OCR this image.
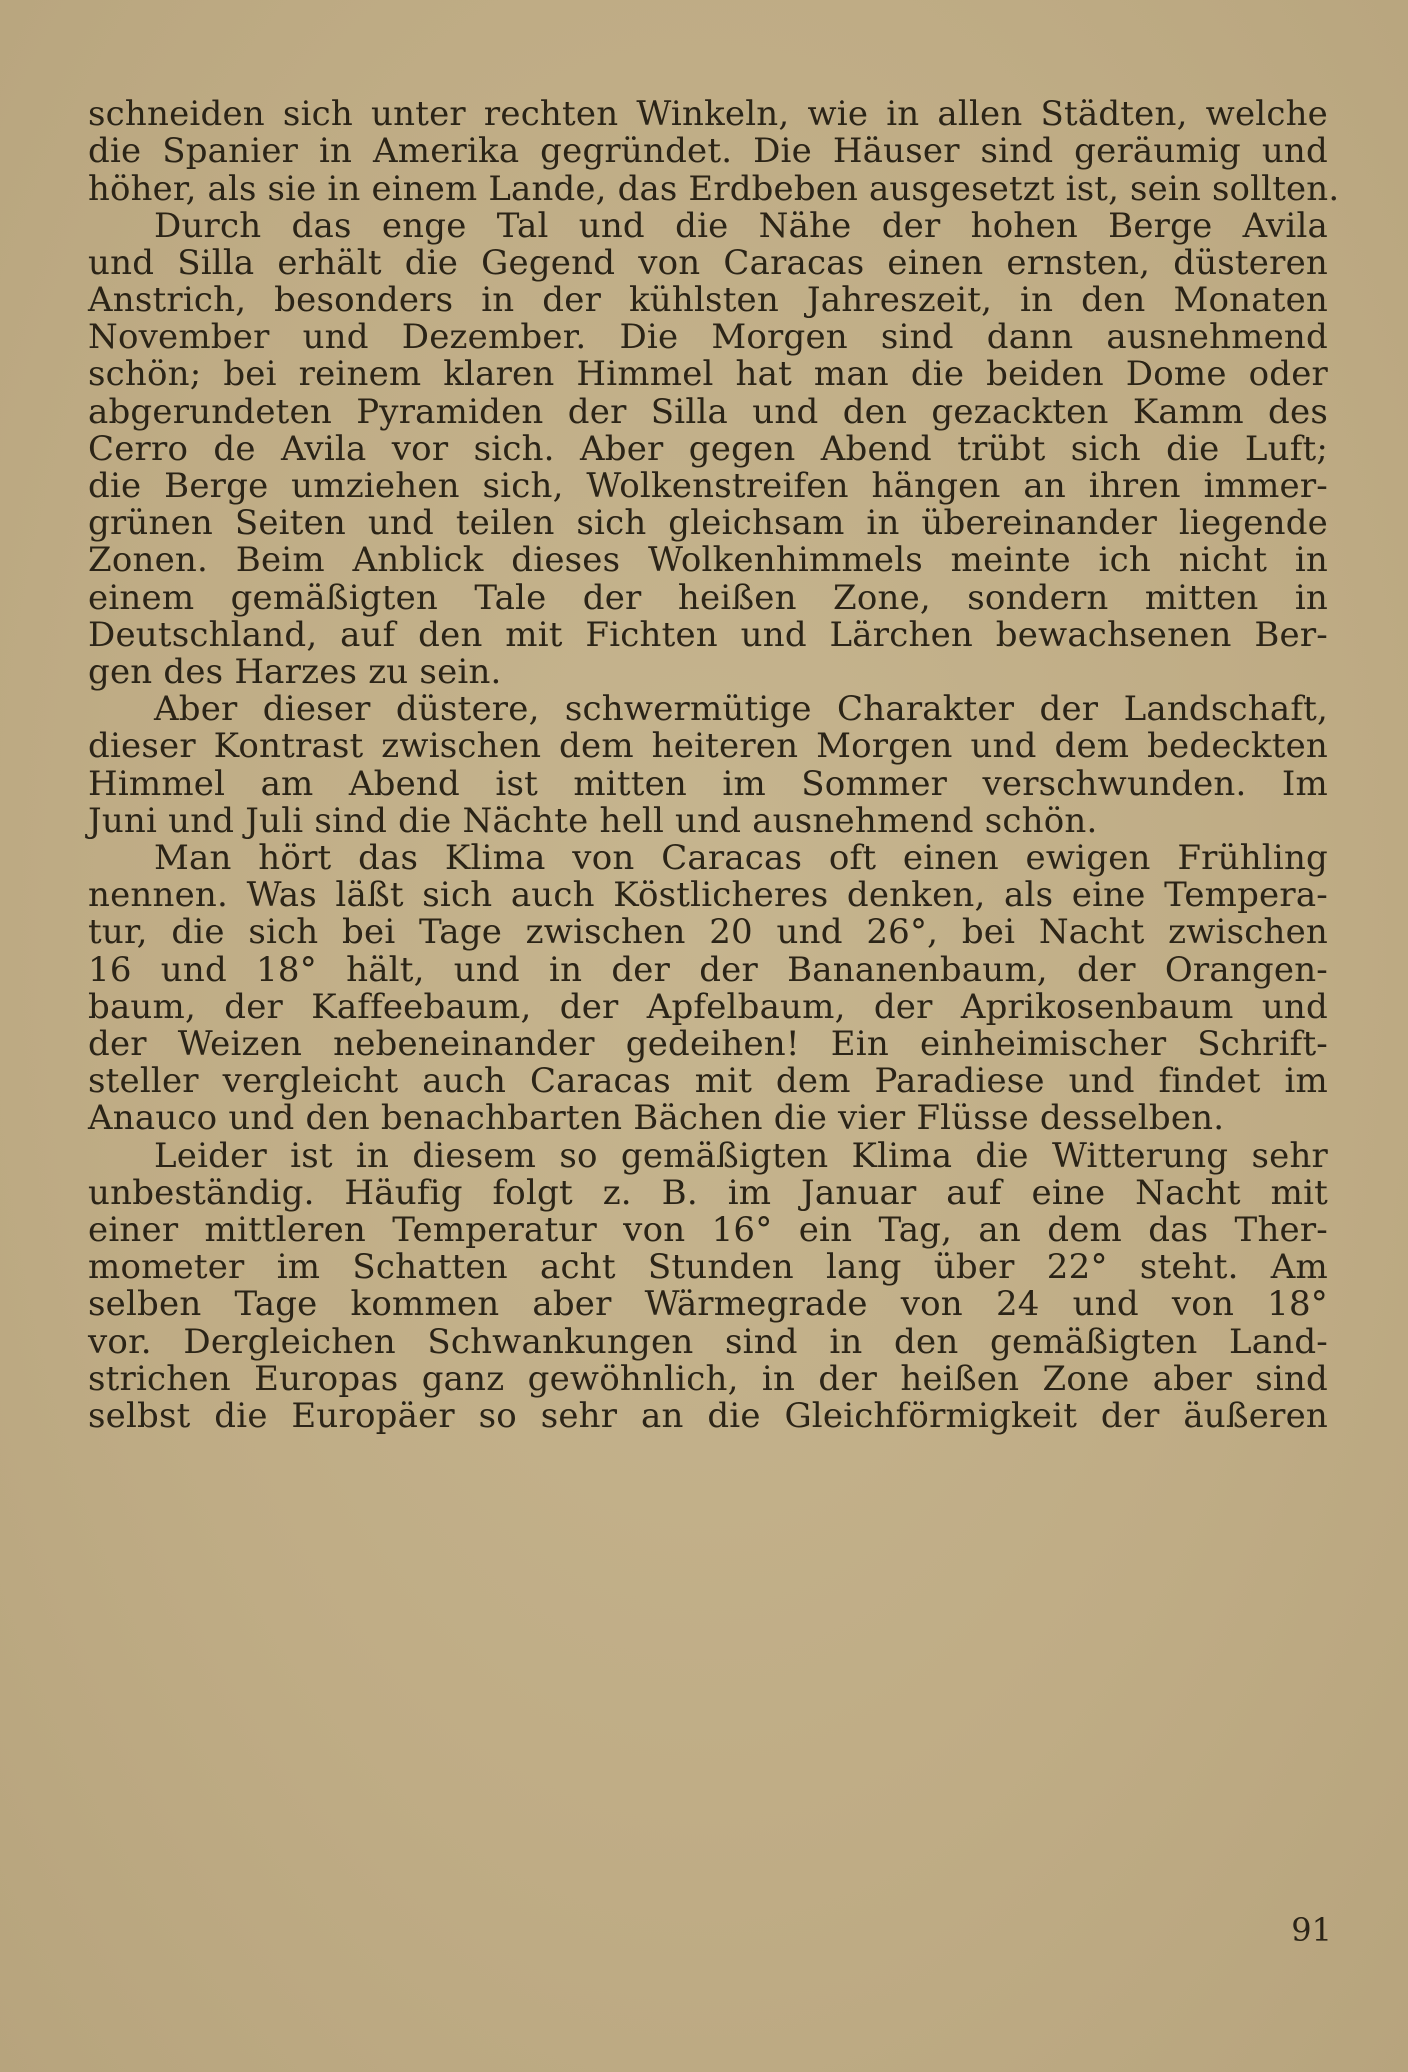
schneiden sich unter rechten Winkeln, wie in allen Städten, welche
die Spanier in Amerika gegründet. Die Häuser sind geräumig und
höher, als sie in einem Lande, das Erdbeben ausgesetzt ist, sein sollten.
Durch das enge Tal und die Nähe der hohen Berge Avila
und Silla erhält die Gegend von Caracas einen ernsten, düsteren
Anstrich, besonders in der kühlsten Jahreszeit, in den Monaten
November und Dezember. Die Morgen sind dann ausnehmend
schön; bei reinem klaren Himmel hat man die beiden Dome oder
abgerundeten Pyramiden der Silla und den gezackten Kamm des
Cerro de Avila vor sich. Aber gegen Abend trübt sich die Luft;
die Berge umziehen sich, Wolkenstreifen hängen an ihren immer-
grünen Seiten und teilen sich gleichsam in übereinander liegende
Zonen. Beim Anblick dieses Wolkenhimmels meinte ich nicht in
einem gemäßigten Tale der heißen Zone, sondern mitten in
Deutschland, auf den mit Fichten und Lärchen bewachsenen Ber-
gen des Harzes zu sein.
Aber dieser düstere, schwermütige Charakter der Landschaft,
dieser Kontrast zwischen dem heiteren Morgen und dem bedeckten
Himmel am Abend ist mitten im Sommer verschwunden. Im
Juni und Juli sind die Nächte hell und ausnehmend schön.
Man hört das Klima von Caracas oft einen ewigen Frühling
nennen. Was läßt sich auch Köstlicheres denken, als eine Tempera-
tur, die sich bei Tage zwischen 20 und 26°, bei Nacht zwischen
16 und 18° hält, und in der der Bananenbaum, der Orangen-
baum, der Kaffeebaum, der Apfelbaum, der Aprikosenbaum und
der Weizen nebeneinander gedeihen! Ein einheimischer Schrift-
steller vergleicht auch Caracas mit dem Paradiese und findet im
Anauco und den benachbarten Bächen die vier Flüsse desselben.
Leider ist in diesem so gemäßigten Klima die Witterung sehr
unbeständig. Häufig folgt z. B. im Januar auf eine Nacht mit
einer mittleren Temperatur von 16° ein Tag, an dem das Ther-
mometer im Schatten acht Stunden lang über 22° steht. Am
selben Tage kommen aber Wärmegrade von 24 und von 18°
vor. Dergleichen Schwankungen sind in den gemäßigten Land-
strichen Europas ganz gewöhnlich, in der heißen Zone aber sind
selbst die Europäer so sehr an die Gleichförmigkeit der äußeren
91
